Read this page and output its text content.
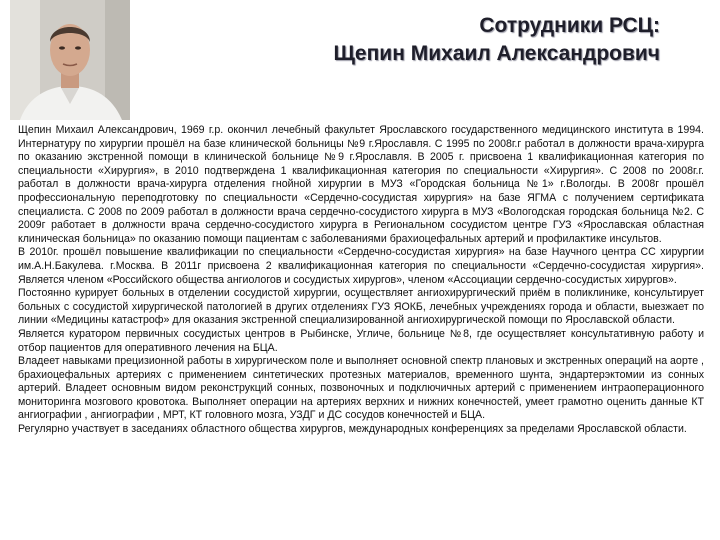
Сотрудники РСЦ:
Щепин Михаил Александрович

Щепин Михаил Александрович, 1969 г.р. окончил лечебный факультет Ярославского государственного медицинского института в 1994. Интернатуру по хирургии прошёл на базе клинической больницы №9 г.Ярославля. С 1995 по 2008г.г работал в должности врача-хирурга по оказанию экстренной помощи в клинической больнице №9 г.Ярославля. В 2005 г. присвоена 1 квалификационная категория по специальности «Хирургия», в 2010 подтверждена 1 квалификационная категория по специальности «Хирургия». С 2008 по 2008г.г. работал в должности врача-хирурга отделения гнойной хирургии в МУЗ «Городская больница №1» г.Вологды. В 2008г прошёл профессиональную переподготовку по специальности «Сердечно-сосудистая хирургия» на базе ЯГМА с получением сертификата специалиста. С 2008 по 2009 работал в должности врача сердечно-сосудистого хирурга в МУЗ «Вологодская городская больница №2. С 2009г работает в должности врача сердечно-сосудистого хирурга в Региональном сосудистом центре ГУЗ «Ярославская областная клиническая больница» по оказанию помощи пациентам с заболеваниями брахиоцефальных артерий и профилактике инсультов.

В 2010г. прошёл повышение квалификации по специальности «Сердечно-сосудистая хирургия» на базе Научного центра СС хирургии им.А.Н.Бакулева. г.Москва. В 2011г присвоена 2 квалификационная категория по специальности «Сердечно-сосудистая хирургия». Является членом «Российского общества ангиологов и сосудистых хирургов», членом «Ассоциации сердечно-сосудистых хирургов».

Постоянно курирует больных в отделении сосудистой хирургии, осуществляет ангиохирургический приём в поликлинике, консультирует больных с сосудистой хирургической патологией в других отделениях ГУЗ ЯОКБ, лечебных учреждениях города и области, выезжает по линии «Медицины катастроф» для оказания экстренной специализированной ангиохирургической помощи по Ярославской области.

Является куратором первичных сосудистых центров в Рыбинске, Угличе, больнице №8, где осуществляет консультативную работу и отбор пациентов для оперативного лечения на БЦА.

Владеет навыками прецизионной работы в хирургическом поле и выполняет основной спектр плановых и экстренных операций на аорте , брахиоцефальных артериях с применением синтетических протезных материалов, временного шунта, эндартерэктомии из сонных артерий. Владеет основным видом реконструкций сонных, позвоночных и подключичных артерий с применением интраоперационного мониторинга мозгового кровотока. Выполняет операции на артериях верхних и нижних конечностей, умеет грамотно оценить данные КТ ангиографии , ангиографии , МРТ, КТ головного мозга, УЗДГ и ДС сосудов конечностей и БЦА.

Регулярно участвует в заседаниях областного общества хирургов, международных конференциях за пределами Ярославской области.
